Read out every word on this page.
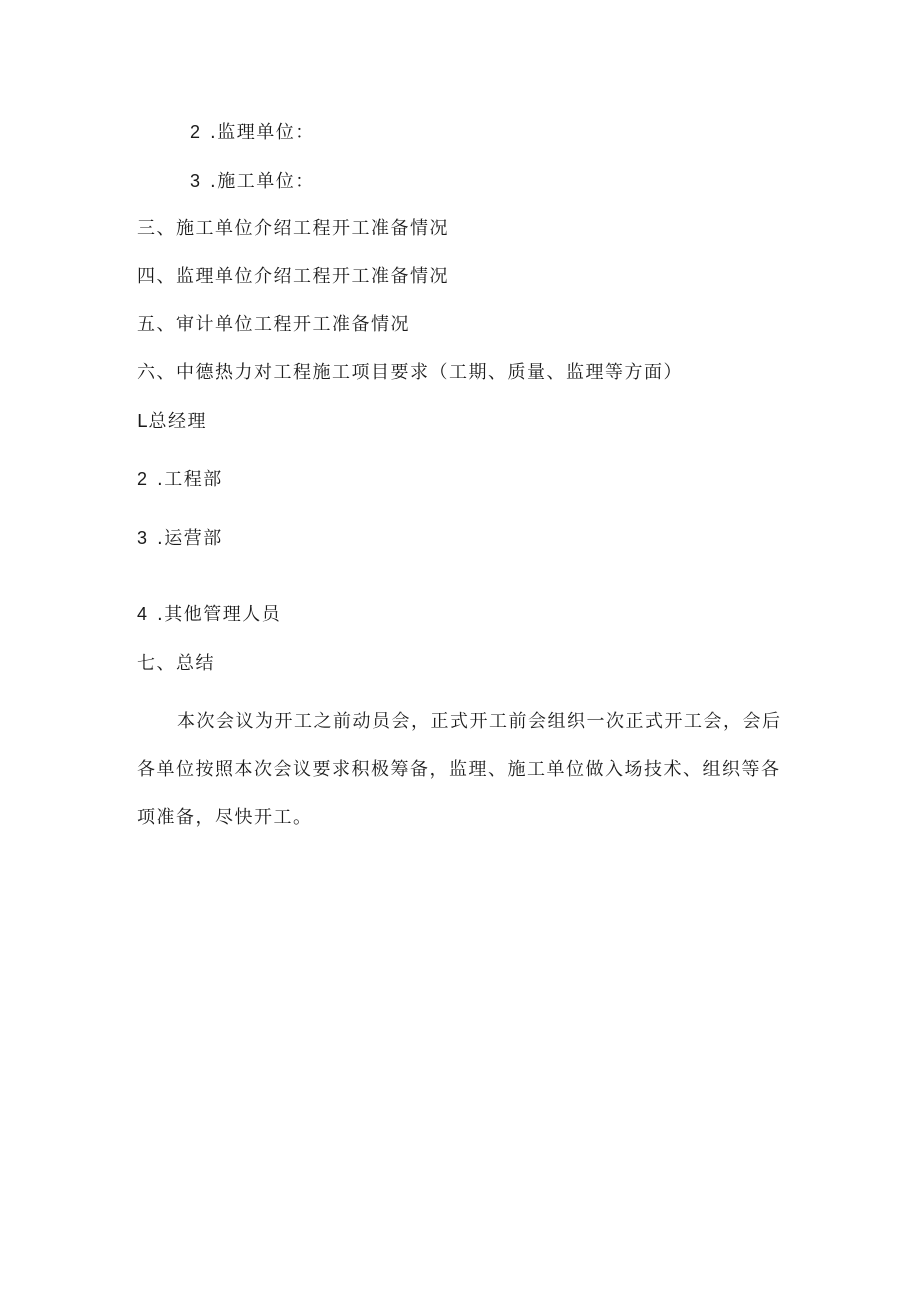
2 .监理单位：
3 .施工单位：
三、施工单位介绍工程开工准备情况
四、监理单位介绍工程开工准备情况
五、审计单位工程开工准备情况
六、中德热力对工程施工项目要求（工期、质量、监理等方面）
L总经理
2 .工程部
3 .运营部
4 .其他管理人员
七、总结
本次会议为开工之前动员会，正式开工前会组织一次正式开工会，会后各单位按照本次会议要求积极筹备，监理、施工单位做入场技术、组织等各项准备，尽快开工。
